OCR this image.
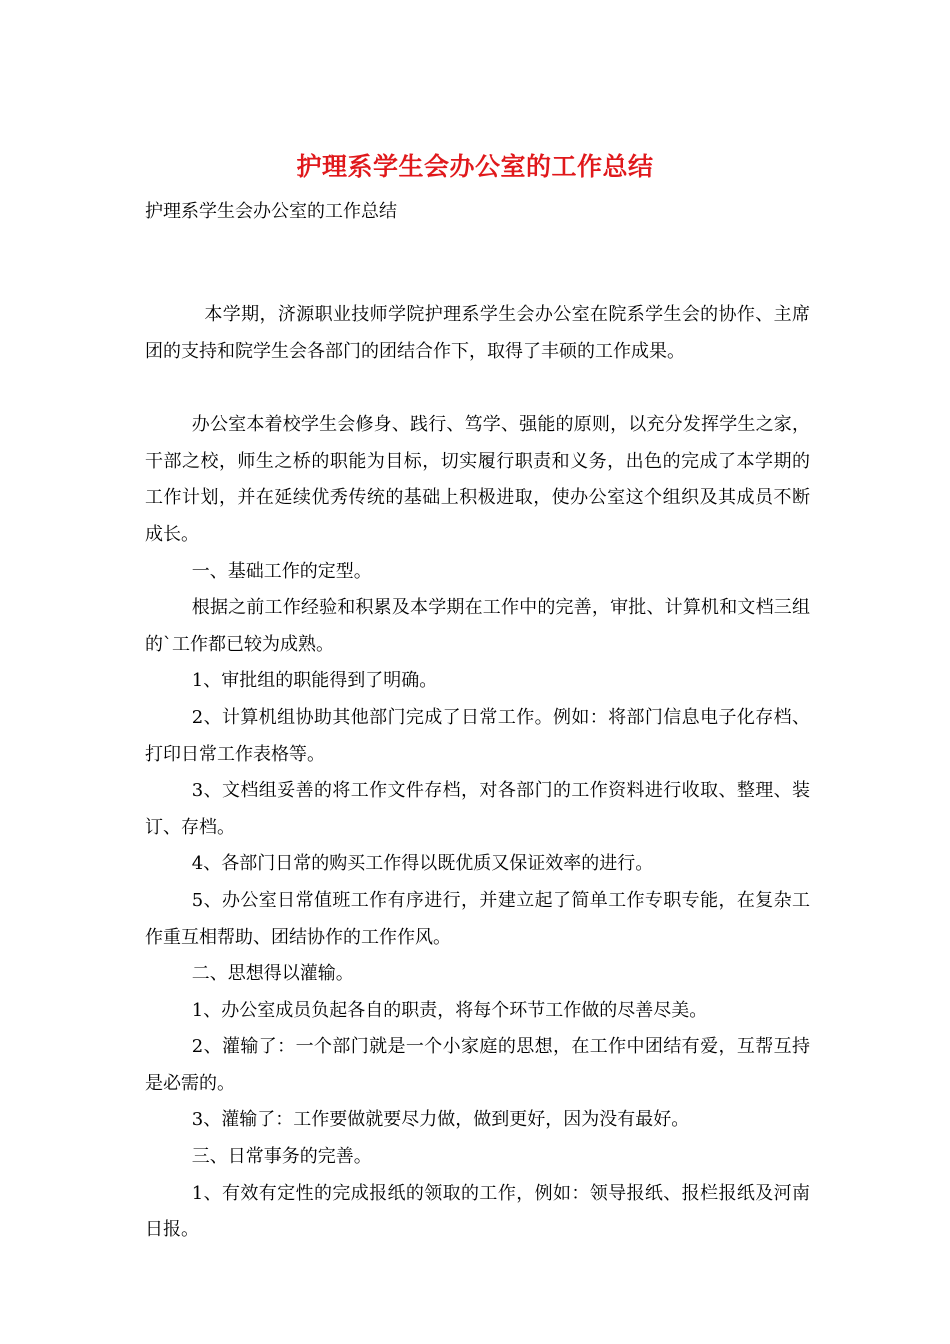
护理系学生会办公室的工作总结
护理系学生会办公室的工作总结

本学期，济源职业技师学院护理系学生会办公室在院系学生会的协作、主席团的支持和院学生会各部门的团结合作下，取得了丰硕的工作成果。

办公室本着校学生会修身、践行、笃学、强能的原则，以充分发挥学生之家，干部之校，师生之桥的职能为目标，切实履行职责和义务，出色的完成了本学期的工作计划，并在延续优秀传统的基础上积极进取，使办公室这个组织及其成员不断成长。

一、基础工作的定型。

根据之前工作经验和积累及本学期在工作中的完善，审批、计算机和文档三组的`工作都已较为成熟。

1、审批组的职能得到了明确。

2、计算机组协助其他部门完成了日常工作。例如：将部门信息电子化存档、打印日常工作表格等。

3、文档组妥善的将工作文件存档，对各部门的工作资料进行收取、整理、装订、存档。

4、各部门日常的购买工作得以既优质又保证效率的进行。

5、办公室日常值班工作有序进行，并建立起了简单工作专职专能，在复杂工作重互相帮助、团结协作的工作作风。

二、思想得以灌输。

1、办公室成员负起各自的职责，将每个环节工作做的尽善尽美。

2、灌输了：一个部门就是一个小家庭的思想，在工作中团结有爱，互帮互持是必需的。

3、灌输了：工作要做就要尽力做，做到更好，因为没有最好。

三、日常事务的完善。

1、有效有定性的完成报纸的领取的工作，例如：领导报纸、报栏报纸及河南日报。
